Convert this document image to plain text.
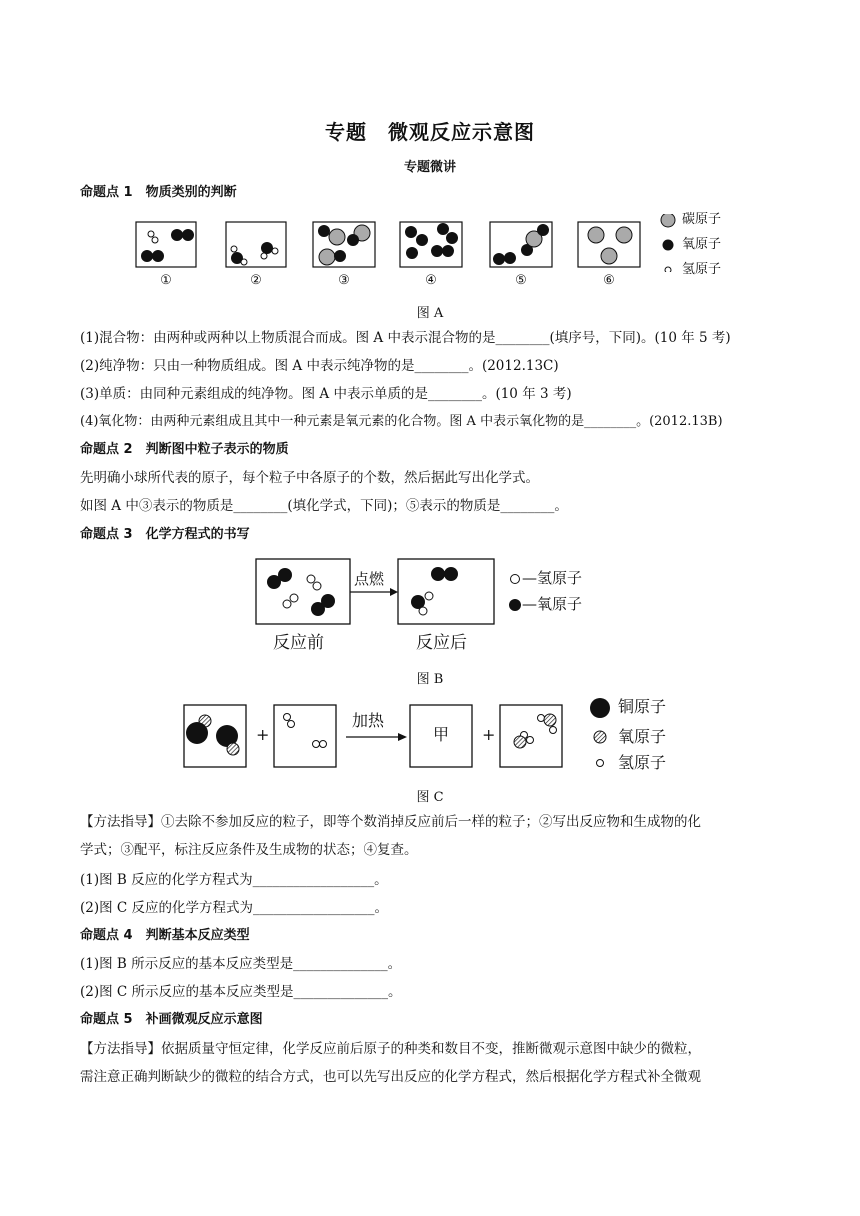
专题　微观反应示意图
专题微讲
命题点 1　物质类别的判断
碳原子
氧原子
氢原子
①	②	③	④	⑤	⑥
图 A
(1)混合物：由两种或两种以上物质混合而成。图 A 中表示混合物的是________(填序号，下同)。(10 年 5 考)
(2)纯净物：只由一种物质组成。图 A 中表示纯净物的是________。(2012.13C)
(3)单质：由同种元素组成的纯净物。图 A 中表示单质的是________。(10 年 3 考)
(4)氧化物：由两种元素组成且其中一种元素是氧元素的化合物。图 A 中表示氧化物的是________。(2012.13B)
命题点 2　判断图中粒子表示的物质
先明确小球所代表的原子，每个粒子中各原子的个数，然后据此写出化学式。
如图 A 中③表示的物质是________(填化学式，下同)；⑤表示的物质是________。
命题点 3　化学方程式的书写
点燃	—氢原子
—氧原子
反应前	反应后
图 B
+	+
加热
甲
铜原子
氧原子
氢原子
图 C
【方法指导】①去除不参加反应的粒子，即等个数消掉反应前后一样的粒子；②写出反应物和生成物的化
学式；③配平，标注反应条件及生成物的状态；④复查。
(1)图 B 反应的化学方程式为__________________。
(2)图 C 反应的化学方程式为__________________。
命题点 4　判断基本反应类型
(1)图 B 所示反应的基本反应类型是______________。
(2)图 C 所示反应的基本反应类型是______________。
命题点 5　补画微观反应示意图
【方法指导】依据质量守恒定律，化学反应前后原子的种类和数目不变，推断微观示意图中缺少的微粒，
需注意正确判断缺少的微粒的结合方式，也可以先写出反应的化学方程式，然后根据化学方程式补全微观
